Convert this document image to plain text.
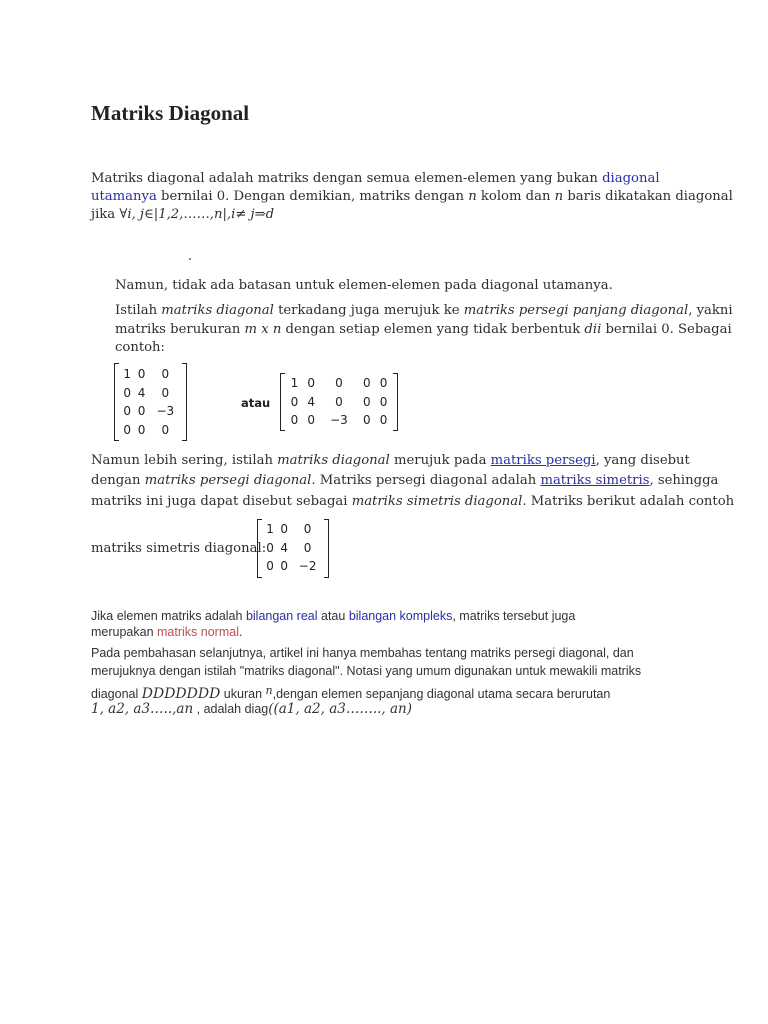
Matriks Diagonal
Matriks diagonal adalah matriks dengan semua elemen-elemen yang bukan diagonal
utamanya bernilai 0. Dengan demikian, matriks dengan n kolom dan n baris dikatakan diagonal
jika ∀i, j∈|1,2,……,n|,i≠ j⇒d
Namun, tidak ada batasan untuk elemen-elemen pada diagonal utamanya.
Istilah matriks diagonal terkadang juga merujuk ke matriks persegi panjang diagonal, yakni
matriks berukuran m x n dengan setiap elemen yang tidak berbentuk dii bernilai 0. Sebagai
contoh:
1	0	0
0	4	0
0	0	−3
0	0	0
atau
1	0	0	0	0
0	4	0	0	0
0	0	−3	0	0
Namun lebih sering, istilah matriks diagonal merujuk pada matriks persegi, yang disebut
dengan matriks persegi diagonal. Matriks persegi diagonal adalah matriks simetris, sehingga
matriks ini juga dapat disebut sebagai matriks simetris diagonal. Matriks berikut adalah contoh
matriks simetris diagonal:
1	0	0
0	4	0
0	0	−2
Jika elemen matriks adalah bilangan real atau bilangan kompleks, matriks tersebut juga
merupakan matriks normal.
Pada pembahasan selanjutnya, artikel ini hanya membahas tentang matriks persegi diagonal, dan
merujuknya dengan istilah "matriks diagonal". Notasi yang umum digunakan untuk mewakili matriks
diagonal DDDDDDD ukuran n,dengan elemen sepanjang diagonal utama secara berurutan
1, a2, a3…..,an , adalah diag((a1, a2, a3…….., an)
